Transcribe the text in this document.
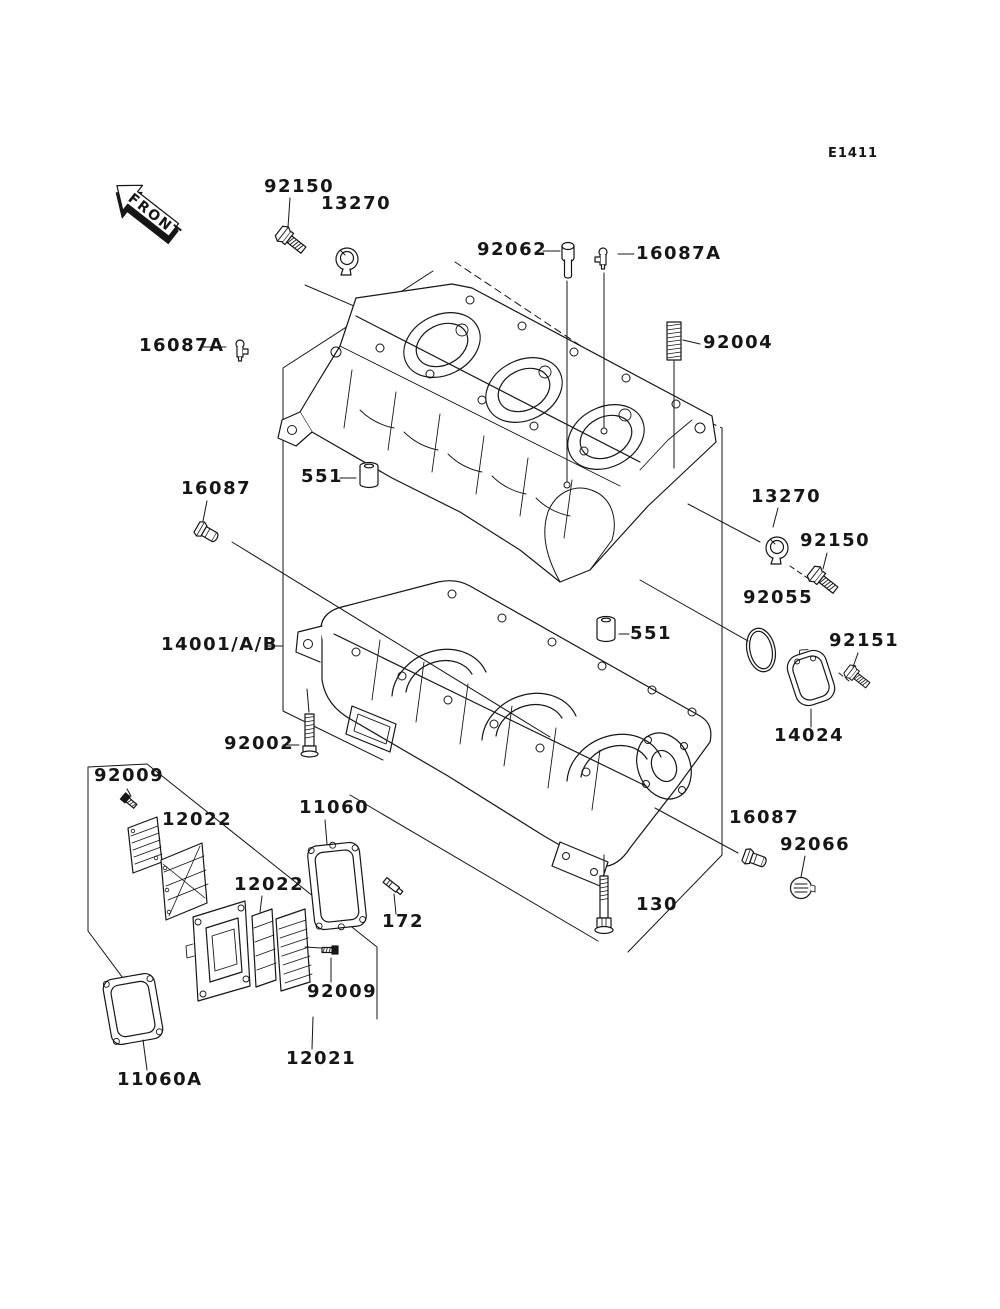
FRONT
92150
13270
92062	16087A
16087A	92004
551
16087	13270
92150
92055
551	92151
14001/A/B
14024
92002
92009
12022
11060
12022
172
92009
12021
11060A
130
16087
92066
E1411
